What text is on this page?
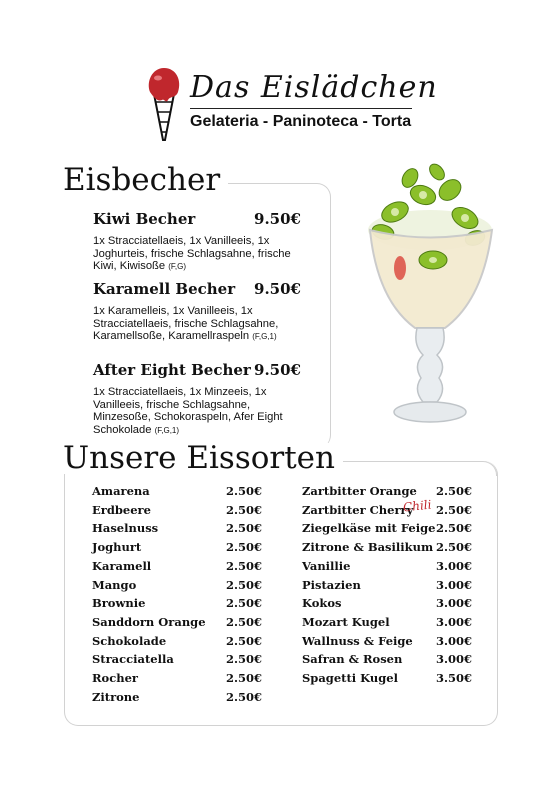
Das Eislädchen
Gelateria - Paninoteca - Torta
Eisbecher
Unsere Eissorten
Kiwi Becher	9.50€
1x Stracciatellaeis, 1x Vanilleeis, 1x Joghurteis, frische Schlagsahne, frische Kiwi, Kiwisoße (F,G)
Karamell Becher	9.50€
1x Karamelleis, 1x Vanilleeis, 1x Stracciatellaeis, frische Schlagsahne, Karamellsoße, Karamellraspeln (F,G,1)
After Eight Becher 9.50€
1x Stracciatellaeis, 1x Minzeeis, 1x Vanilleeis, frische Schlagsahne, Minzesoße, Schokoraspeln, Afer Eight Schokolade (F,G,1)
Amarena	2.50€
Erdbeere	2.50€
Haselnuss	2.50€
Joghurt	2.50€
Karamell	2.50€
Mango	2.50€
Brownie	2.50€
Sanddorn Orange 2.50€
Schokolade	2.50€
Stracciatella	2.50€
Rocher	2.50€
Zitrone	2.50€
Zartbitter Orange 2.50€
Zartbitter Cherry 2.50€
Ziegelkäse mit Feige 2.50€
Zitrone & Basilikum 2.50€
Vanillie	3.00€
Pistazien	3.00€
Kokos	3.00€
Mozart Kugel	3.00€
Wallnuss & Feige 3.00€
Safran & Rosen	3.00€
Spagetti Kugel	3.50€
Chili
